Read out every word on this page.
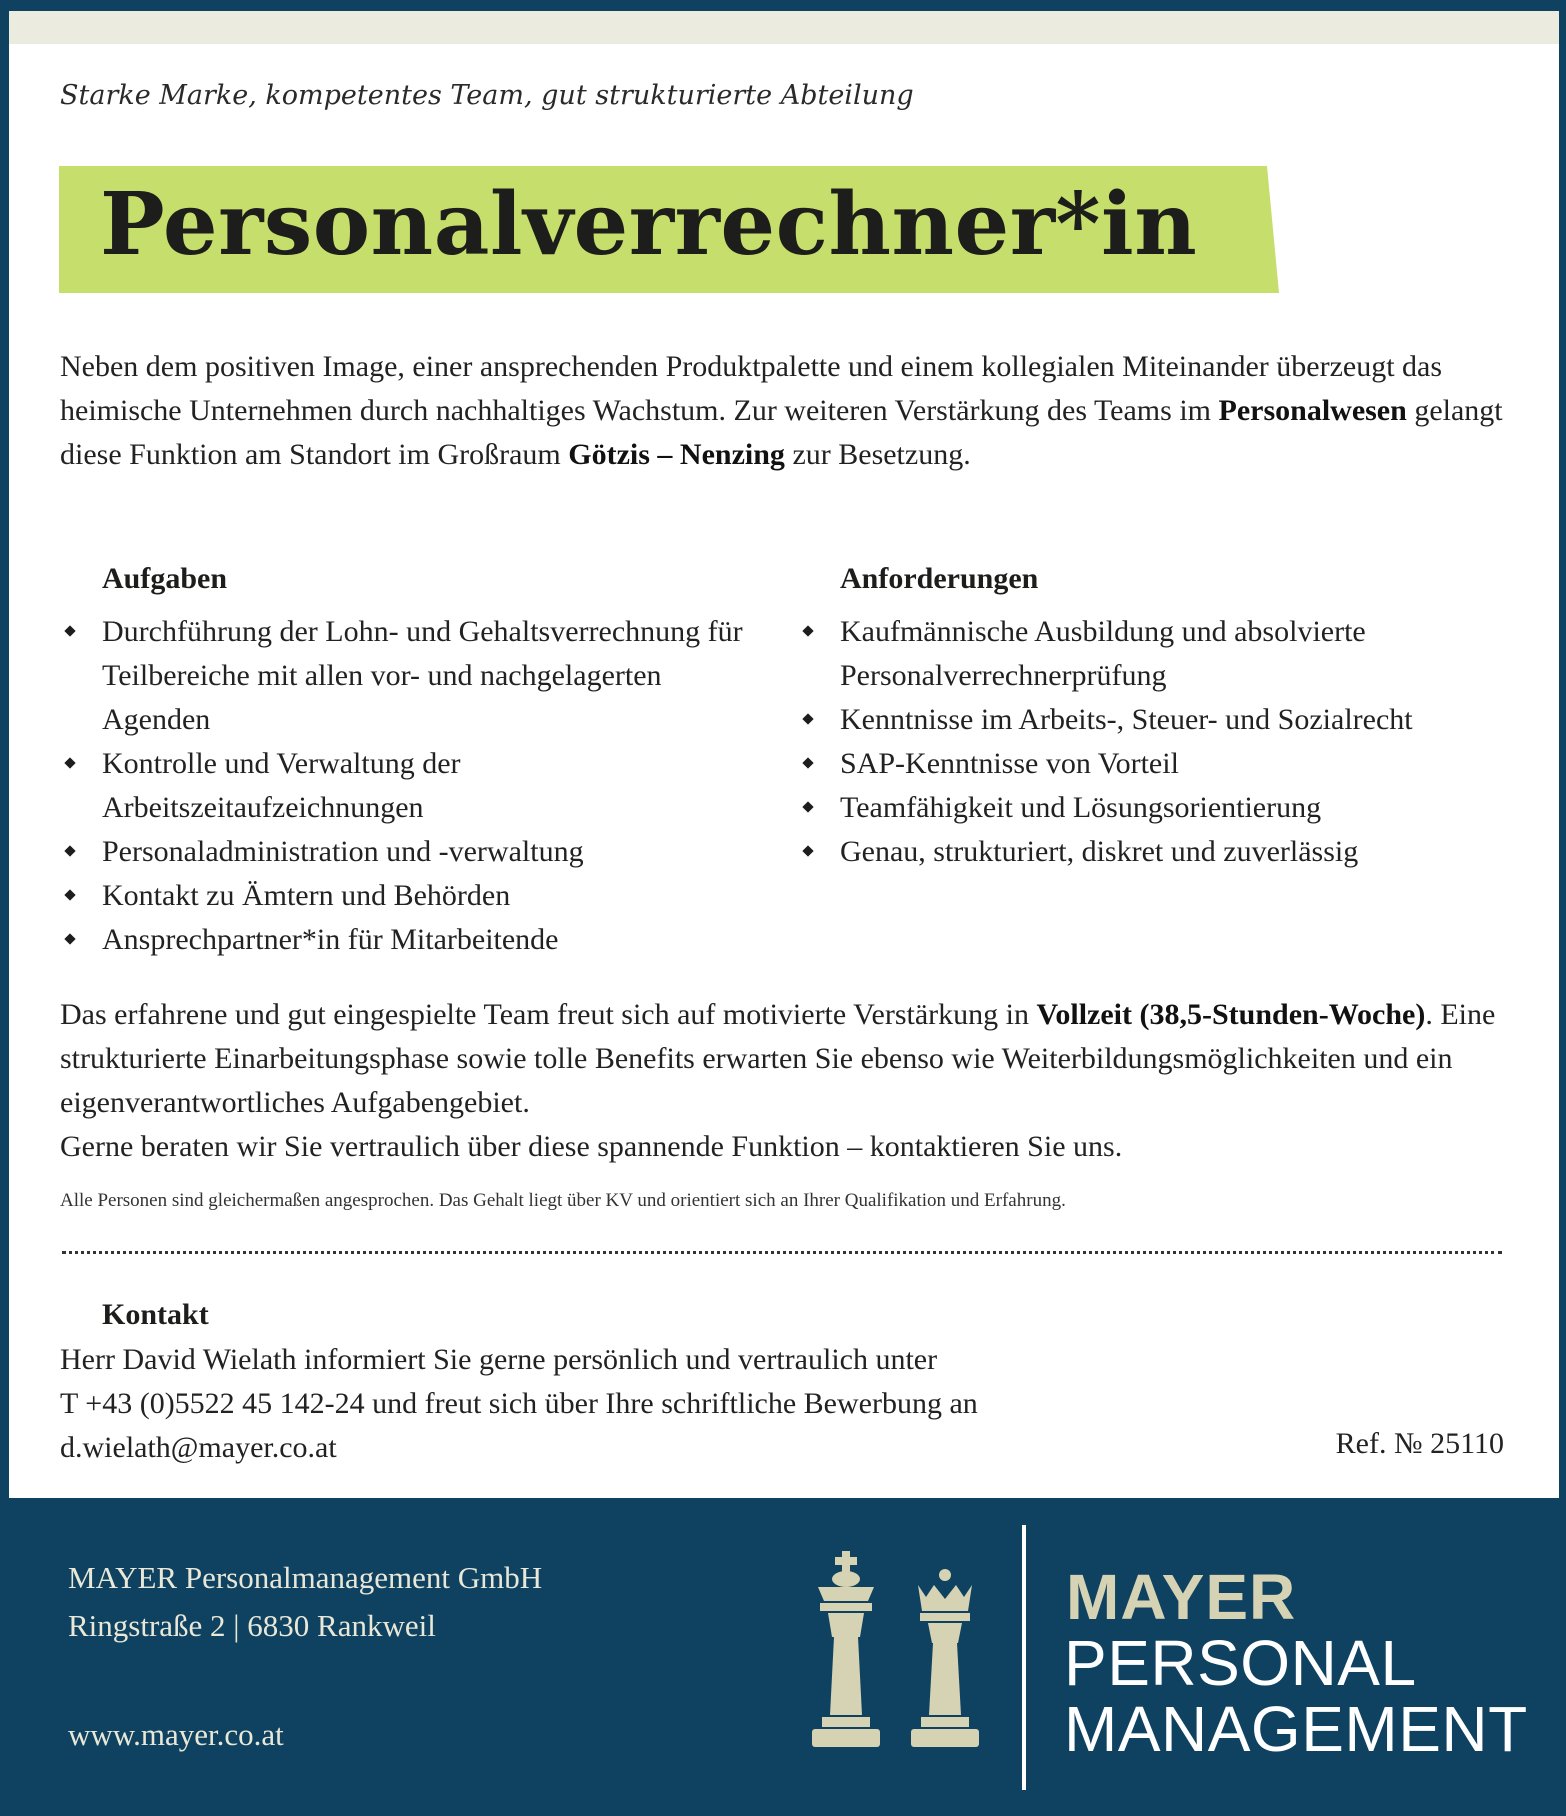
Starke Marke, kompetentes Team, gut strukturierte Abteilung
Personalverrechner*in
Neben dem positiven Image, einer ansprechenden Produktpalette und einem kollegialen Miteinander überzeugt das heimische Unternehmen durch nachhaltiges Wachstum. Zur weiteren Verstärkung des Teams im Personalwesen gelangt diese Funktion am Standort im Großraum Götzis – Nenzing zur Besetzung.
Aufgaben
Durchführung der Lohn- und Gehaltsverrechnung für Teilbereiche mit allen vor- und nachgelagerten Agenden
Kontrolle und Verwaltung der Arbeitszeitaufzeichnungen
Personaladministration und -verwaltung
Kontakt zu Ämtern und Behörden
Ansprechpartner*in für Mitarbeitende
Anforderungen
Kaufmännische Ausbildung und absolvierte Personalverrechnerprüfung
Kenntnisse im Arbeits-, Steuer- und Sozialrecht
SAP-Kenntnisse von Vorteil
Teamfähigkeit und Lösungsorientierung
Genau, strukturiert, diskret und zuverlässig
Das erfahrene und gut eingespielte Team freut sich auf motivierte Verstärkung in Vollzeit (38,5-Stunden-Woche). Eine strukturierte Einarbeitungsphase sowie tolle Benefits erwarten Sie ebenso wie Weiterbildungsmöglichkeiten und ein eigenverantwortliches Aufgabengebiet.
Gerne beraten wir Sie vertraulich über diese spannende Funktion – kontaktieren Sie uns.
Alle Personen sind gleichermaßen angesprochen. Das Gehalt liegt über KV und orientiert sich an Ihrer Qualifikation und Erfahrung.
Kontakt
Herr David Wielath informiert Sie gerne persönlich und vertraulich unter
T +43 (0)5522 45 142-24 und freut sich über Ihre schriftliche Bewerbung an
d.wielath@mayer.co.at	Ref. № 25110
MAYER Personalmanagement GmbH
Ringstraße 2 | 6830 Rankweil
www.mayer.co.at
MAYER
PERSONAL
MANAGEMENT
